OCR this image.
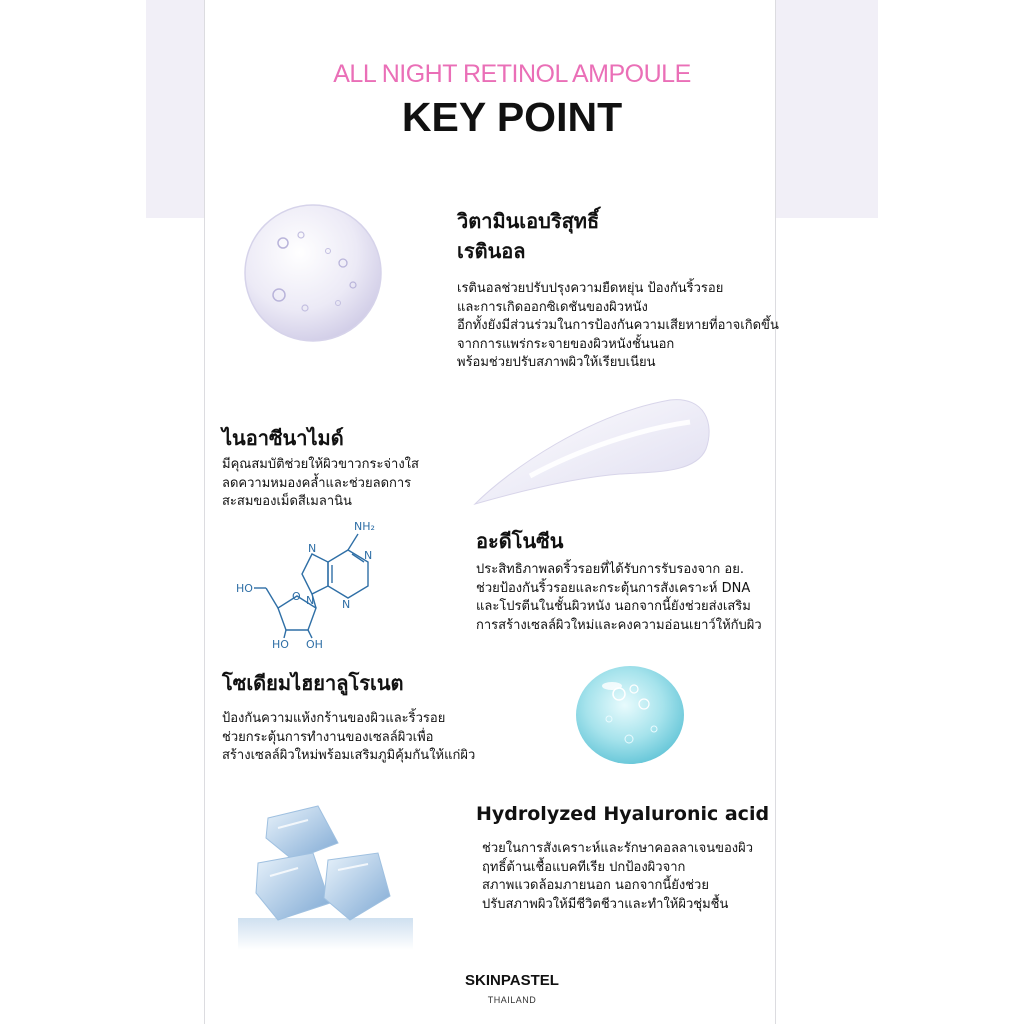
ALL NIGHT RETINOL AMPOULE
KEY POINT
วิตามินเอบริสุทธิ์
เรตินอล
เรตินอลช่วยปรับปรุงความยืดหยุ่น ป้องกันริ้วรอย
และการเกิดออกซิเดชันของผิวหนัง
อีกทั้งยังมีส่วนร่วมในการป้องกันความเสียหายที่อาจเกิดขึ้น
จากการแพร่กระจายของผิวหนังชั้นนอก
พร้อมช่วยปรับสภาพผิวให้เรียบเนียน
ไนอาซีนาไมด์
มีคุณสมบัติช่วยให้ผิวขาวกระจ่างใส
ลดความหมองคล้ำและช่วยลดการ
สะสมของเม็ดสีเมลานิน
NH₂
N
N
N
N
HO
O
HO OH
อะดีโนซีน
ประสิทธิภาพลดริ้วรอยที่ได้รับการรับรองจาก อย.
ช่วยป้องกันริ้วรอยและกระตุ้นการสังเคราะห์ DNA
และโปรตีนในชั้นผิวหนัง นอกจากนี้ยังช่วยส่งเสริม
การสร้างเซลล์ผิวใหม่และคงความอ่อนเยาว์ให้กับผิว
โซเดียมไฮยาลูโรเนต
ป้องกันความแห้งกร้านของผิวและริ้วรอย
ช่วยกระตุ้นการทำงานของเซลล์ผิวเพื่อ
สร้างเซลล์ผิวใหม่พร้อมเสริมภูมิคุ้มกันให้แก่ผิว
Hydrolyzed Hyaluronic acid
ช่วยในการสังเคราะห์และรักษาคอลลาเจนของผิว
ฤทธิ์ต้านเชื้อแบคทีเรีย ปกป้องผิวจาก
สภาพแวดล้อมภายนอก นอกจากนี้ยังช่วย
ปรับสภาพผิวให้มีชีวิตชีวาและทำให้ผิวชุ่มชื้น
SKINPASTEL
THAILAND
